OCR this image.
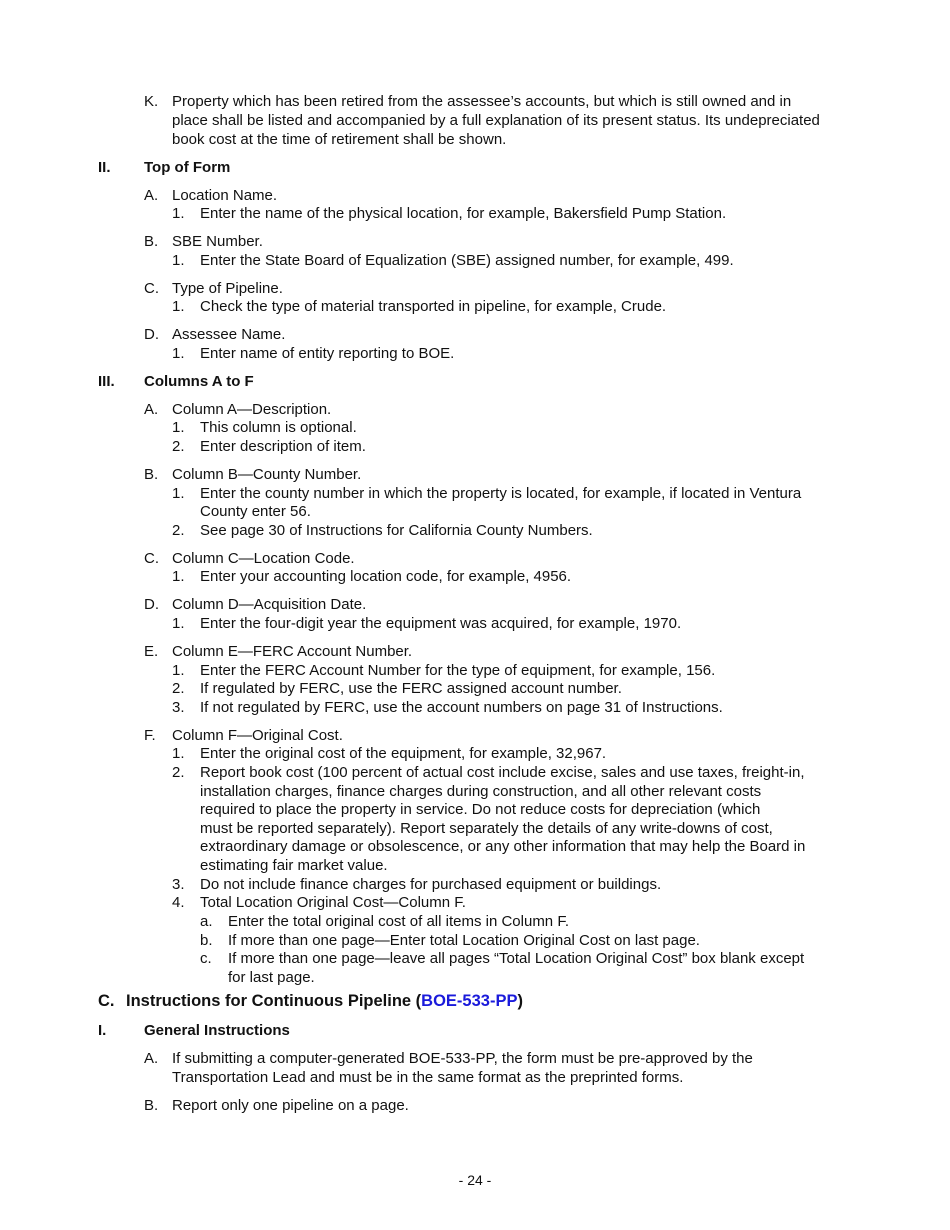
K. Property which has been retired from the assessee’s accounts, but which is still owned and in
place shall be listed and accompanied by a full explanation of its present status. Its undepreciated
book cost at the time of retirement shall be shown.
II. Top of Form
A. Location Name.
1. Enter the name of the physical location, for example, Bakersfield Pump Station.
B. SBE Number.
1. Enter the State Board of Equalization (SBE) assigned number, for example, 499.
C. Type of Pipeline.
1. Check the type of material transported in pipeline, for example, Crude.
D. Assessee Name.
1. Enter name of entity reporting to BOE.
III. Columns A to F
A. Column A—Description.
1. This column is optional.
2. Enter description of item.
B. Column B—County Number.
1. Enter the county number in which the property is located, for example, if located in Ventura
County enter 56.
2. See page 30 of Instructions for California County Numbers.
C. Column C—Location Code.
1. Enter your accounting location code, for example, 4956.
D. Column D—Acquisition Date.
1. Enter the four-digit year the equipment was acquired, for example, 1970.
E. Column E—FERC Account Number.
1. Enter the FERC Account Number for the type of equipment, for example, 156.
2. If regulated by FERC, use the FERC assigned account number.
3. If not regulated by FERC, use the account numbers on page 31 of Instructions.
F. Column F—Original Cost.
1. Enter the original cost of the equipment, for example, 32,967.
2. Report book cost (100 percent of actual cost include excise, sales and use taxes, freight-in,
installation charges, finance charges during construction, and all other relevant costs
required to place the property in service. Do not reduce costs for depreciation (which
must be reported separately). Report separately the details of any write-downs of cost,
extraordinary damage or obsolescence, or any other information that may help the Board in
estimating fair market value.
3. Do not include finance charges for purchased equipment or buildings.
4. Total Location Original Cost—Column F.
a. Enter the total original cost of all items in Column F.
b. If more than one page—Enter total Location Original Cost on last page.
c. If more than one page—leave all pages “Total Location Original Cost” box blank except
for last page.
C. Instructions for Continuous Pipeline (BOE-533-PP)
I.	General Instructions
A. If submitting a computer-generated BOE-533-PP, the form must be pre-approved by the
Transportation Lead and must be in the same format as the preprinted forms.
B. Report only one pipeline on a page.
- 24 -
